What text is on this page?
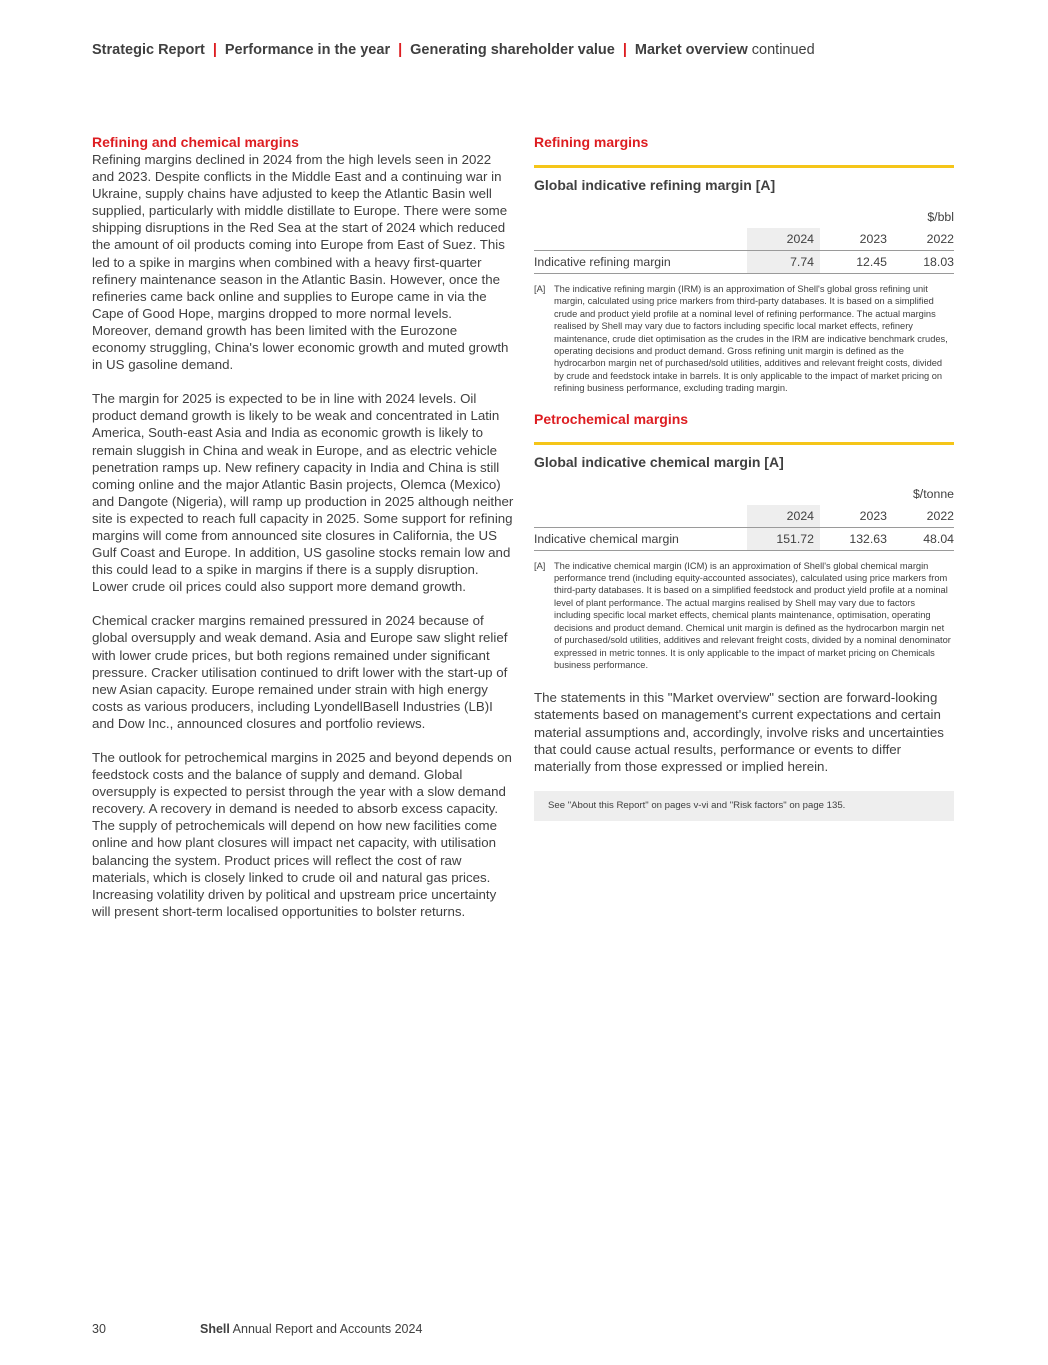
Strategic Report | Performance in the year | Generating shareholder value | Market overview continued
Refining and chemical margins

Refining margins declined in 2024 from the high levels seen in 2022 and 2023. Despite conflicts in the Middle East and a continuing war in Ukraine, supply chains have adjusted to keep the Atlantic Basin well supplied, particularly with middle distillate to Europe. There were some shipping disruptions in the Red Sea at the start of 2024 which reduced the amount of oil products coming into Europe from East of Suez. This led to a spike in margins when combined with a heavy first-quarter refinery maintenance season in the Atlantic Basin. However, once the refineries came back online and supplies to Europe came in via the Cape of Good Hope, margins dropped to more normal levels. Moreover, demand growth has been limited with the Eurozone economy struggling, China's lower economic growth and muted growth in US gasoline demand.

The margin for 2025 is expected to be in line with 2024 levels. Oil product demand growth is likely to be weak and concentrated in Latin America, South-east Asia and India as economic growth is likely to remain sluggish in China and weak in Europe, and as electric vehicle penetration ramps up. New refinery capacity in India and China is still coming online and the major Atlantic Basin projects, Olemca (Mexico) and Dangote (Nigeria), will ramp up production in 2025 although neither site is expected to reach full capacity in 2025. Some support for refining margins will come from announced site closures in California, the US Gulf Coast and Europe. In addition, US gasoline stocks remain low and this could lead to a spike in margins if there is a supply disruption. Lower crude oil prices could also support more demand growth.

Chemical cracker margins remained pressured in 2024 because of global oversupply and weak demand. Asia and Europe saw slight relief with lower crude prices, but both regions remained under significant pressure. Cracker utilisation continued to drift lower with the start-up of new Asian capacity. Europe remained under strain with high energy costs as various producers, including LyondellBasell Industries (LB)I and Dow Inc., announced closures and portfolio reviews.

The outlook for petrochemical margins in 2025 and beyond depends on feedstock costs and the balance of supply and demand. Global oversupply is expected to persist through the year with a slow demand recovery. A recovery in demand is needed to absorb excess capacity. The supply of petrochemicals will depend on how new facilities come online and how plant closures will impact net capacity, with utilisation balancing the system. Product prices will reflect the cost of raw materials, which is closely linked to crude oil and natural gas prices. Increasing volatility driven by political and upstream price uncertainty will present short-term localised opportunities to bolster returns.

Refining margins
Global indicative refining margin [A]
			$/bbl
	2024	2023	2022
Indicative refining margin	7.74	12.45	18.03
[A] The indicative refining margin (IRM) is an approximation of Shell's global gross refining unit margin, calculated using price markers from third-party databases. It is based on a simplified crude and product yield profile at a nominal level of refining performance. The actual margins realised by Shell may vary due to factors including specific local market effects, refinery maintenance, crude diet optimisation as the crudes in the IRM are indicative benchmark crudes, operating decisions and product demand. Gross refining unit margin is defined as the hydrocarbon margin net of purchased/sold utilities, additives and relevant freight costs, divided by crude and feedstock intake in barrels. It is only applicable to the impact of market pricing on refining business performance, excluding trading margin.
Petrochemical margins
Global indicative chemical margin [A]
			$/tonne
	2024	2023	2022
Indicative chemical margin	151.72	132.63	48.04
[A] The indicative chemical margin (ICM) is an approximation of Shell's global chemical margin performance trend (including equity-accounted associates), calculated using price markers from third-party databases. It is based on a simplified feedstock and product yield profile at a nominal level of plant performance. The actual margins realised by Shell may vary due to factors including specific local market effects, chemical plants maintenance, optimisation, operating decisions and product demand. Chemical unit margin is defined as the hydrocarbon margin net of purchased/sold utilities, additives and relevant freight costs, divided by a nominal denominator expressed in metric tonnes. It is only applicable to the impact of market pricing on Chemicals business performance.

The statements in this "Market overview" section are forward-looking statements based on management's current expectations and certain material assumptions and, accordingly, involve risks and uncertainties that could cause actual results, performance or events to differ materially from those expressed or implied herein.

See "About this Report" on pages v-vi and "Risk factors" on page 135.
30	Shell Annual Report and Accounts 2024
